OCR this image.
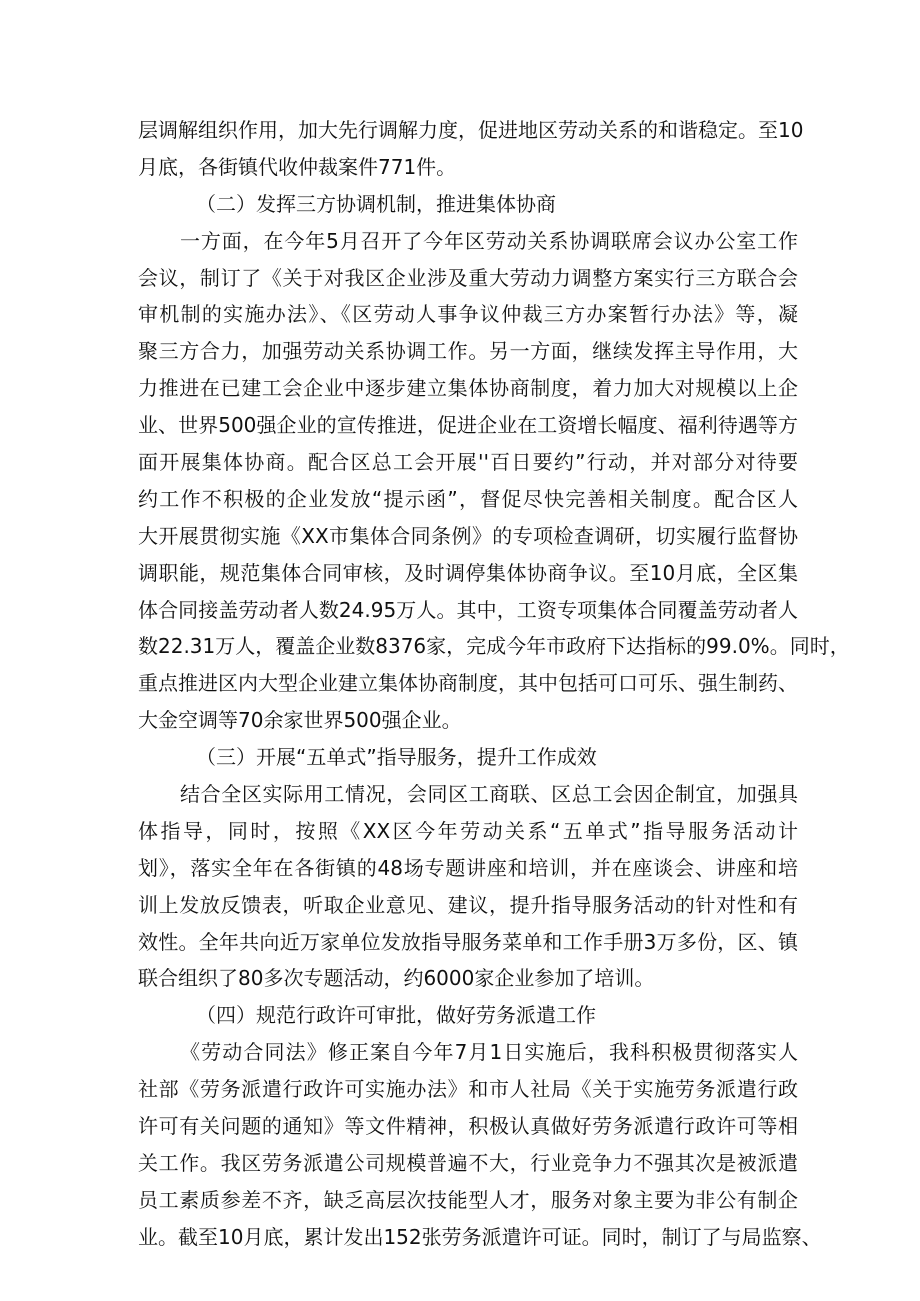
层调解组织作用，加大先行调解力度，促进地区劳动关系的和谐稳定。至10
月底，各街镇代收仲裁案件771件。
（二）发挥三方协调机制，推进集体协商
一方面，在今年5月召开了今年区劳动关系协调联席会议办公室工作
会议，制订了《关于对我区企业涉及重大劳动力调整方案实行三方联合会
审机制的实施办法》、《区劳动人事争议仲裁三方办案暂行办法》等，凝
聚三方合力，加强劳动关系协调工作。另一方面，继续发挥主导作用，大
力推进在已建工会企业中逐步建立集体协商制度，着力加大对规模以上企
业、世界500强企业的宣传推进，促进企业在工资增长幅度、福利待遇等方
面开展集体协商。配合区总工会开展''百日要约”行动，并对部分对待要
约工作不积极的企业发放“提示函”，督促尽快完善相关制度。配合区人
大开展贯彻实施《XX市集体合同条例》的专项检查调研，切实履行监督协
调职能，规范集体合同审核，及时调停集体协商争议。至10月底，全区集
体合同接盖劳动者人数24.95万人。其中，工资专项集体合同覆盖劳动者人
数22.31万人，覆盖企业数8376家，完成今年市政府下达指标的99.0%。同时，
重点推进区内大型企业建立集体协商制度，其中包括可口可乐、强生制药、
大金空调等70余家世界500强企业。
（三）开展“五单式”指导服务，提升工作成效
结合全区实际用工情况，会同区工商联、区总工会因企制宜，加强具
体指导，同时，按照《XX区今年劳动关系“五单式”指导服务活动计
划》，落实全年在各街镇的48场专题讲座和培训，并在座谈会、讲座和培
训上发放反馈表，听取企业意见、建议，提升指导服务活动的针对性和有
效性。全年共向近万家单位发放指导服务菜单和工作手册3万多份，区、镇
联合组织了80多次专题活动，约6000家企业参加了培训。
（四）规范行政许可审批，做好劳务派遣工作
《劳动合同法》修正案自今年7月1日实施后，我科积极贯彻落实人
社部《劳务派遣行政许可实施办法》和市人社局《关于实施劳务派遣行政
许可有关问题的通知》等文件精神，积极认真做好劳务派遣行政许可等相
关工作。我区劳务派遣公司规模普遍不大，行业竞争力不强其次是被派遣
员工素质参差不齐，缺乏高层次技能型人才，服务对象主要为非公有制企
业。截至10月底，累计发出152张劳务派遣许可证。同时，制订了与局监察、
